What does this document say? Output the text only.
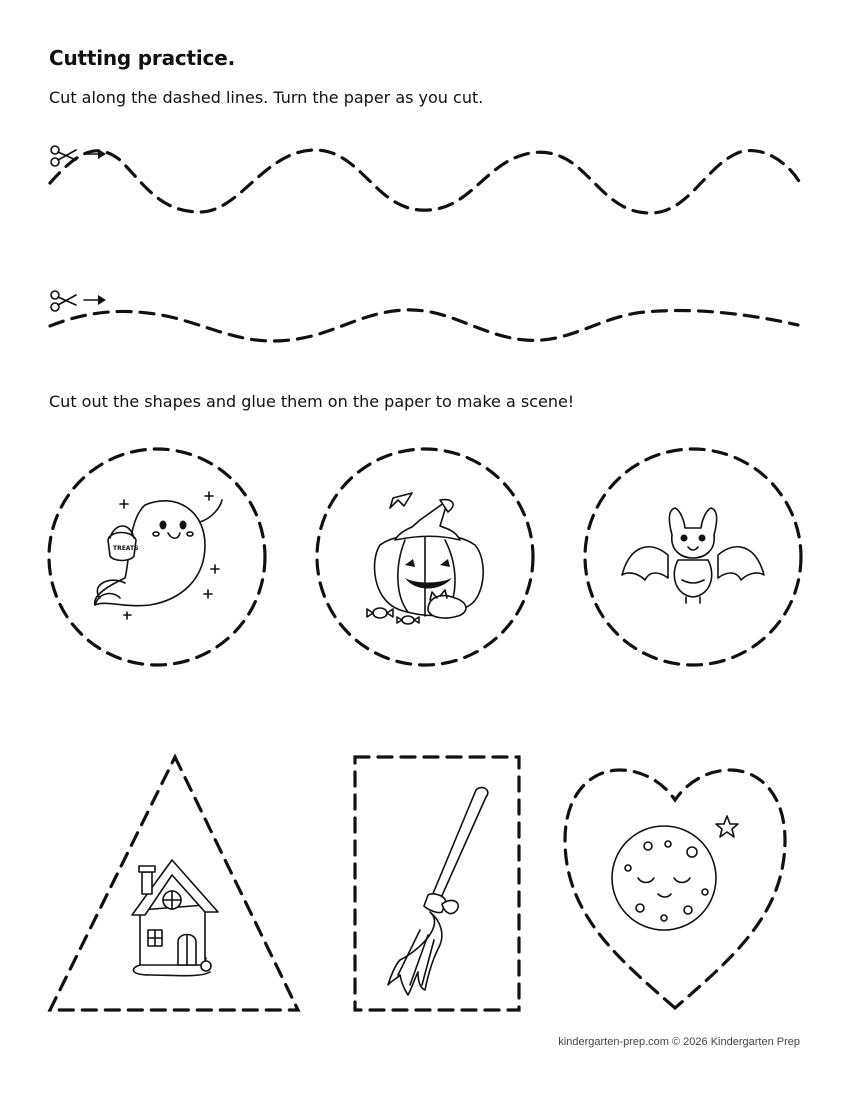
Cutting practice.
Cut along the dashed lines. Turn the paper as you cut.
Cut out the shapes and glue them on the paper to make a scene!
TREATS
kindergarten-prep.com © 2026 Kindergarten Prep
